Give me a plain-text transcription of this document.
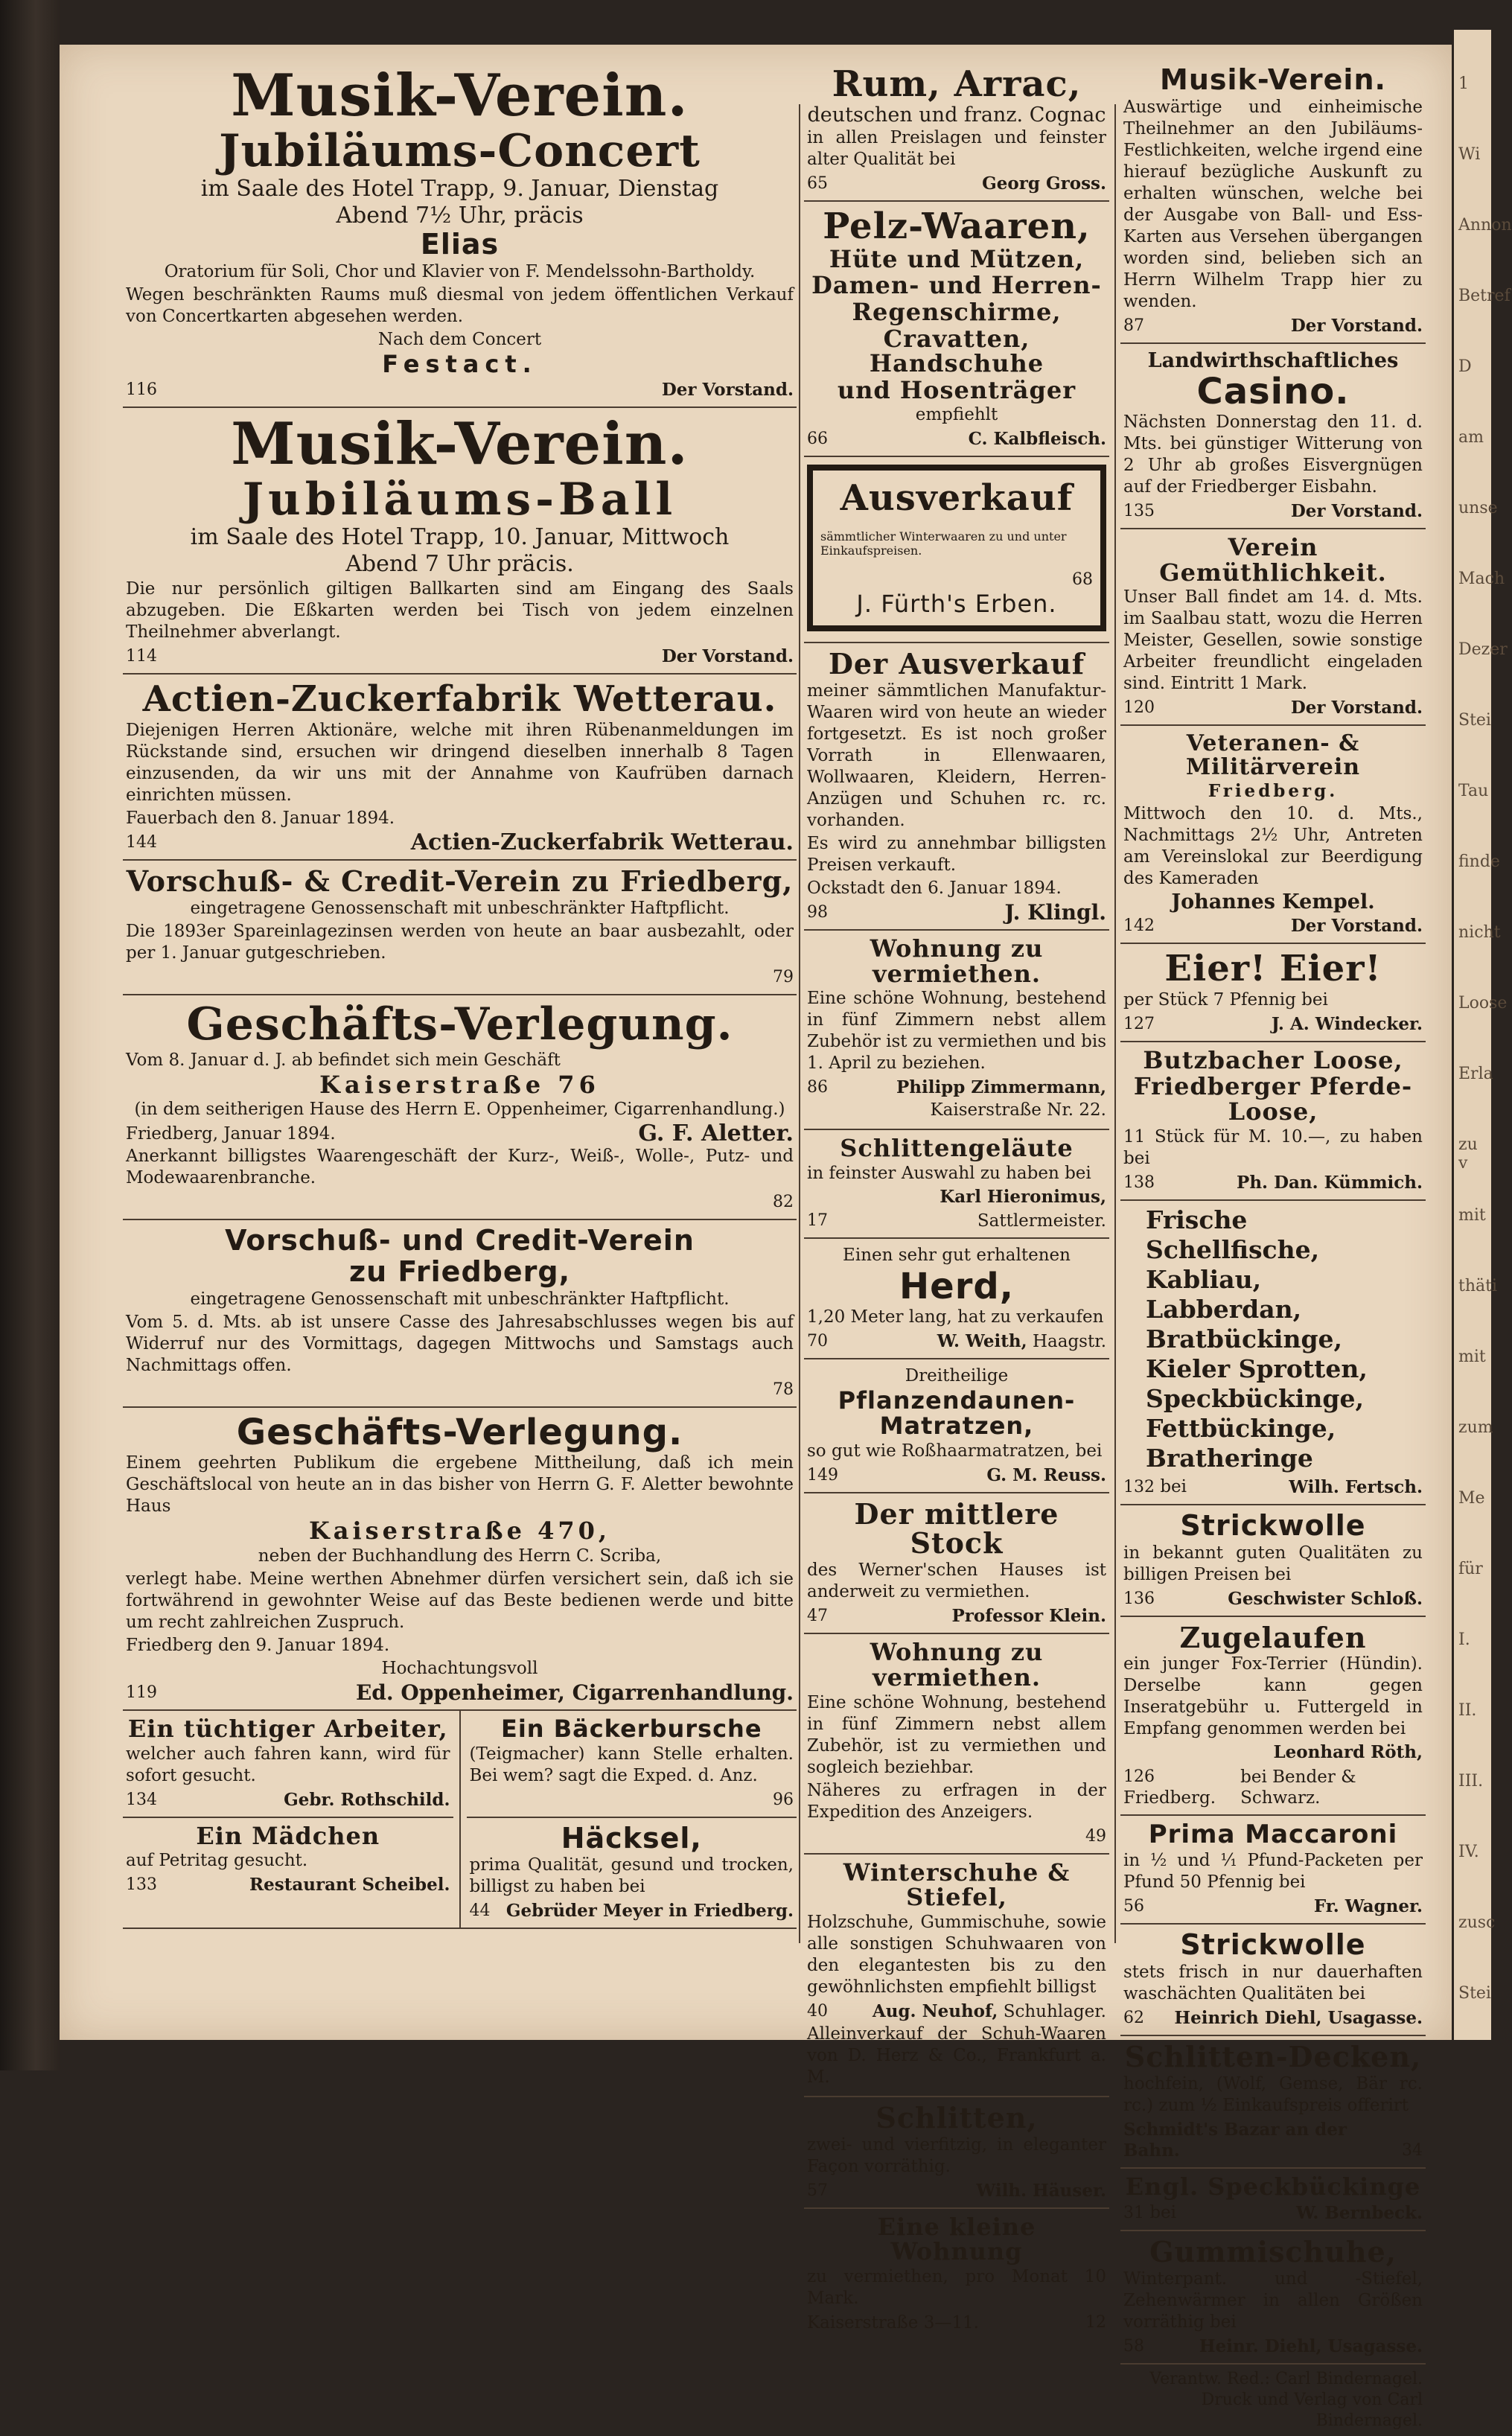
1
Wi
Annon
Betref
D
am
unse
Mach
Dezer
Stei
Tau
finde
nicht
Loose
Erla
zu v
mit
thäti
mit
zum
Me
für
I.
II.
III.
IV.
zusc
Stei
Musik-Verein.
Jubiläums-Concert

im Saale des Hotel Trapp, 9. Januar, Dienstag

Abend 7½ Uhr, präcis

Elias

Oratorium für Soli, Chor und Klavier von F. Mendelssohn-Bartholdy.

Wegen beschränkten Raums muß diesmal von jedem öffentlichen Verkauf von Concertkarten abgesehen werden.

Nach dem Concert

Festact.
116	Der Vorstand.
Musik-Verein.
Jubiläums-Ball

im Saale des Hotel Trapp, 10. Januar, Mittwoch

Abend 7 Uhr präcis.

Die nur persönlich giltigen Ballkarten sind am Eingang des Saals abzugeben. Die Eßkarten werden bei Tisch von jedem einzelnen Theilnehmer abverlangt.

114	Der Vorstand.
Actien-Zuckerfabrik Wetterau.

Diejenigen Herren Aktionäre, welche mit ihren Rübenanmeldungen im Rückstande sind, ersuchen wir dringend dieselben innerhalb 8 Tagen einzusenden, da wir uns mit der Annahme von Kaufrüben darnach einrichten müssen.

Fauerbach den 8. Januar 1894.

144	Actien-Zuckerfabrik Wetterau.
Vorschuß- & Credit-Verein zu Friedberg,

eingetragene Genossenschaft mit unbeschränkter Haftpflicht.

Die 1893er Spareinlagezinsen werden von heute an baar ausbezahlt, oder per 1. Januar gutgeschrieben.

79
Geschäfts-Verlegung.

Vom 8. Januar d. J. ab befindet sich mein Geschäft

Kaiserstraße 76

(in dem seitherigen Hause des Herrn E. Oppenheimer, Cigarrenhandlung.)

Friedberg, Januar 1894.	G. F. Aletter.

Anerkannt billigstes Waarengeschäft der Kurz-, Weiß-, Wolle-, Putz- und Modewaarenbranche.

82
Vorschuß- und Credit-Verein
zu Friedberg,

eingetragene Genossenschaft mit unbeschränkter Haftpflicht.

Vom 5. d. Mts. ab ist unsere Casse des Jahresabschlusses wegen bis auf Widerruf nur des Vormittags, dagegen Mittwochs und Samstags auch Nachmittags offen.

78
Geschäfts-Verlegung.

Einem geehrten Publikum die ergebene Mittheilung, daß ich mein Geschäftslocal von heute an in das bisher von Herrn G. F. Aletter bewohnte Haus

Kaiserstraße 470,

neben der Buchhandlung des Herrn C. Scriba,

verlegt habe. Meine werthen Abnehmer dürfen versichert sein, daß ich sie fortwährend in gewohnter Weise auf das Beste bedienen werde und bitte um recht zahlreichen Zuspruch.

Friedberg den 9. Januar 1894.

Hochachtungsvoll

119	Ed. Oppenheimer, Cigarrenhandlung.
Ein tüchtiger Arbeiter,

welcher auch fahren kann, wird für sofort gesucht.

134	Gebr. Rothschild.
Ein Mädchen

auf Petritag gesucht.

133	Restaurant Scheibel.
Ein Bäckerbursche

(Teigmacher) kann Stelle erhalten. Bei wem? sagt die Exped. d. Anz.

96
Häcksel,

prima Qualität, gesund und trocken, billigst zu haben bei

44 Gebrüder Meyer in Friedberg.
Rum, Arrac,

deutschen und franz. Cognac

in allen Preislagen und feinster alter Qualität bei

65	Georg Gross.
Pelz-Waaren,
Hüte und Mützen,
Damen- und Herren-
Regenschirme,
Cravatten, Handschuhe
und Hosenträger

empfiehlt

66	C. Kalbfleisch.
Ausverkauf

sämmtlicher Winterwaaren zu und unter Einkaufspreisen.

68
J. Fürth's Erben.
Der Ausverkauf

meiner sämmtlichen Manufaktur-Waaren wird von heute an wieder fortgesetzt. Es ist noch großer Vorrath in Ellenwaaren, Wollwaaren, Kleidern, Herren-Anzügen und Schuhen rc. rc. vorhanden.

Es wird zu annehmbar billigsten Preisen verkauft.

Ockstadt den 6. Januar 1894.

98	J. Klingl.
Wohnung zu vermiethen.

Eine schöne Wohnung, bestehend in fünf Zimmern nebst allem Zubehör ist zu vermiethen und bis 1. April zu beziehen.

86	Philipp Zimmermann,

Kaiserstraße Nr. 22.

Schlittengeläute

in feinster Auswahl zu haben bei

Karl Hieronimus,

17	Sattlermeister.

Einen sehr gut erhaltenen

Herd,

1,20 Meter lang, hat zu verkaufen

70	W. Weith, Haagstr.

Dreitheilige

Pflanzendaunen-Matratzen,

so gut wie Roßhaarmatratzen, bei

149	G. M. Reuss.
Der mittlere Stock

des Werner'schen Hauses ist anderweit zu vermiethen.

47	Professor Klein.
Wohnung zu vermiethen.

Eine schöne Wohnung, bestehend in fünf Zimmern nebst allem Zubehör, ist zu vermiethen und sogleich beziehbar.

Näheres zu erfragen in der Expedition des Anzeigers.

49
Winterschuhe & Stiefel,

Holzschuhe, Gummischuhe, sowie alle sonstigen Schuhwaaren von den elegantesten bis zu den gewöhnlichsten empfiehlt billigst

40	Aug. Neuhof, Schuhlager.

Alleinverkauf der Schuh-Waaren von D. Herz & Co., Frankfurt a. M.

Schlitten,

zwei- und vierfitzig, in eleganter Façon vorräthig.

57	Wilh. Häuser.
Eine kleine Wohnung

zu vermiethen, pro Monat 10 Mark.

Kaiserstraße 3—11.	12
Musik-Verein.

Auswärtige und einheimische Theilnehmer an den Jubiläums-Festlichkeiten, welche irgend eine hierauf bezügliche Auskunft zu erhalten wünschen, welche bei der Ausgabe von Ball- und Ess-Karten aus Versehen übergangen worden sind, belieben sich an Herrn Wilhelm Trapp hier zu wenden.

87	Der Vorstand.

Landwirthschaftliches

Casino.

Nächsten Donnerstag den 11. d. Mts. bei günstiger Witterung von 2 Uhr ab großes Eisvergnügen auf der Friedberger Eisbahn.

135	Der Vorstand.
Verein Gemüthlichkeit.

Unser Ball findet am 14. d. Mts. im Saalbau statt, wozu die Herren Meister, Gesellen, sowie sonstige Arbeiter freundlicht eingeladen sind. Eintritt 1 Mark.

120	Der Vorstand.
Veteranen- & Militärverein

Friedberg.

Mittwoch den 10. d. Mts., Nachmittags 2½ Uhr, Antreten am Vereinslokal zur Beerdigung des Kameraden

Johannes Kempel.

142	Der Vorstand.
Eier! Eier!

per Stück 7 Pfennig bei

127	J. A. Windecker.
Butzbacher Loose,
Friedberger Pferde-Loose,

11 Stück für M. 10.—, zu haben bei

138	Ph. Dan. Kümmich.
Frische Schellfische,
Kabliau,
Labberdan,
Bratbückinge,
Kieler Sprotten,
Speckbückinge,
Fettbückinge,
Bratheringe
132 bei	Wilh. Fertsch.
Strickwolle

in bekannt guten Qualitäten zu billigen Preisen bei

136	Geschwister Schloß.
Zugelaufen

ein junger Fox-Terrier (Hündin). Derselbe kann gegen Inseratgebühr u. Futtergeld in Empfang genommen werden bei

Leonhard Röth,

126 Friedberg.
bei Bender & Schwarz.
Prima Maccaroni

in ½ und ¹⁄₁ Pfund-Packeten per Pfund 50 Pfennig bei

56	Fr. Wagner.
Strickwolle

stets frisch in nur dauerhaften waschächten Qualitäten bei

62 Heinrich Diehl, Usagasse.
Schlitten-Decken,

hochfein, (Wolf, Gemse, Bär rc. rc.) zum ½ Einkaufspreis offerirt

Schmidt's Bazar an der Bahn.	34
Engl. Speckbückinge
31 bei	W. Bernbeck.
Gummischuhe,

Winterpant. und -Stiefel, Zehenwärmer in allen Größen vorräthig bei

58	Heinr. Diehl, Usagasse.
Verantw. Red.: Carl Bindernagel.
Druck und Verlag von Carl Bindernagel.
